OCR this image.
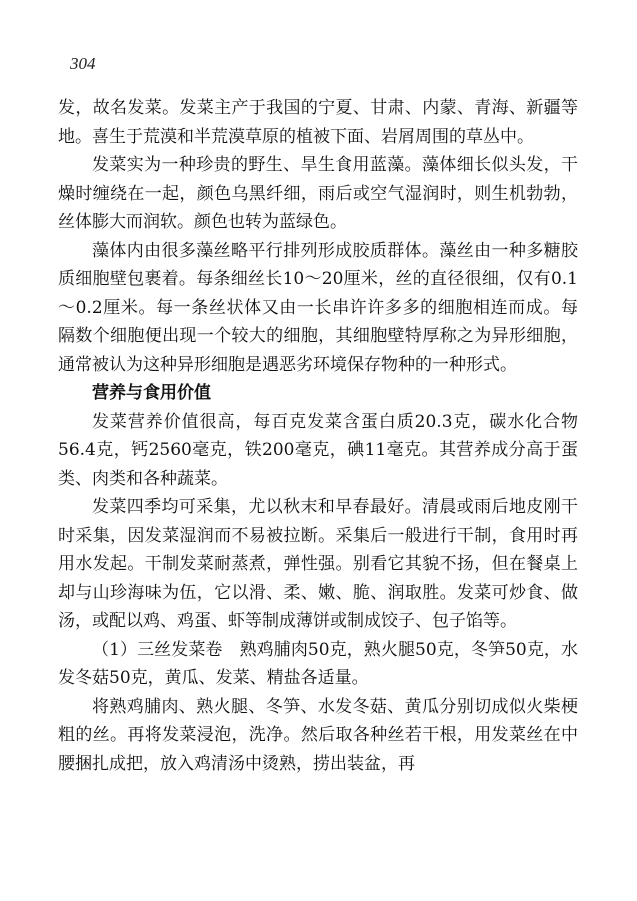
304

发，故名发菜。发菜主产于我国的宁夏、甘肃、内蒙、青海、新疆等地。喜生于荒漠和半荒漠草原的植被下面、岩屑周围的草丛中。

发菜实为一种珍贵的野生、旱生食用蓝藻。藻体细长似头发，干燥时缠绕在一起，颜色乌黑纤细，雨后或空气湿润时，则生机勃勃，丝体膨大而润软。颜色也转为蓝绿色。

藻体内由很多藻丝略平行排列形成胶质群体。藻丝由一种多糖胶质细胞壁包裹着。每条细丝长10～20厘米，丝的直径很细，仅有0.1～0.2厘米。每一条丝状体又由一长串许许多多的细胞相连而成。每隔数个细胞便出现一个较大的细胞，其细胞壁特厚称之为异形细胞，通常被认为这种异形细胞是遇恶劣环境保存物种的一种形式。

营养与食用价值

发菜营养价值很高，每百克发菜含蛋白质20.3克，碳水化合物56.4克，钙2560毫克，铁200毫克，碘11毫克。其营养成分高于蛋类、肉类和各种蔬菜。

发菜四季均可采集，尤以秋末和早春最好。清晨或雨后地皮刚干时采集，因发菜湿润而不易被拉断。采集后一般进行干制，食用时再用水发起。干制发菜耐蒸煮，弹性强。别看它其貌不扬，但在餐桌上却与山珍海味为伍，它以滑、柔、嫩、脆、润取胜。发菜可炒食、做汤，或配以鸡、鸡蛋、虾等制成薄饼或制成饺子、包子馅等。

（1）三丝发菜卷　熟鸡脯肉50克，熟火腿50克，冬笋50克，水发冬菇50克，黄瓜、发菜、精盐各适量。

将熟鸡脯肉、熟火腿、冬笋、水发冬菇、黄瓜分别切成似火柴梗粗的丝。再将发菜浸泡，洗净。然后取各种丝若干根，用发菜丝在中腰捆扎成把，放入鸡清汤中烫熟，捞出装盆，再
